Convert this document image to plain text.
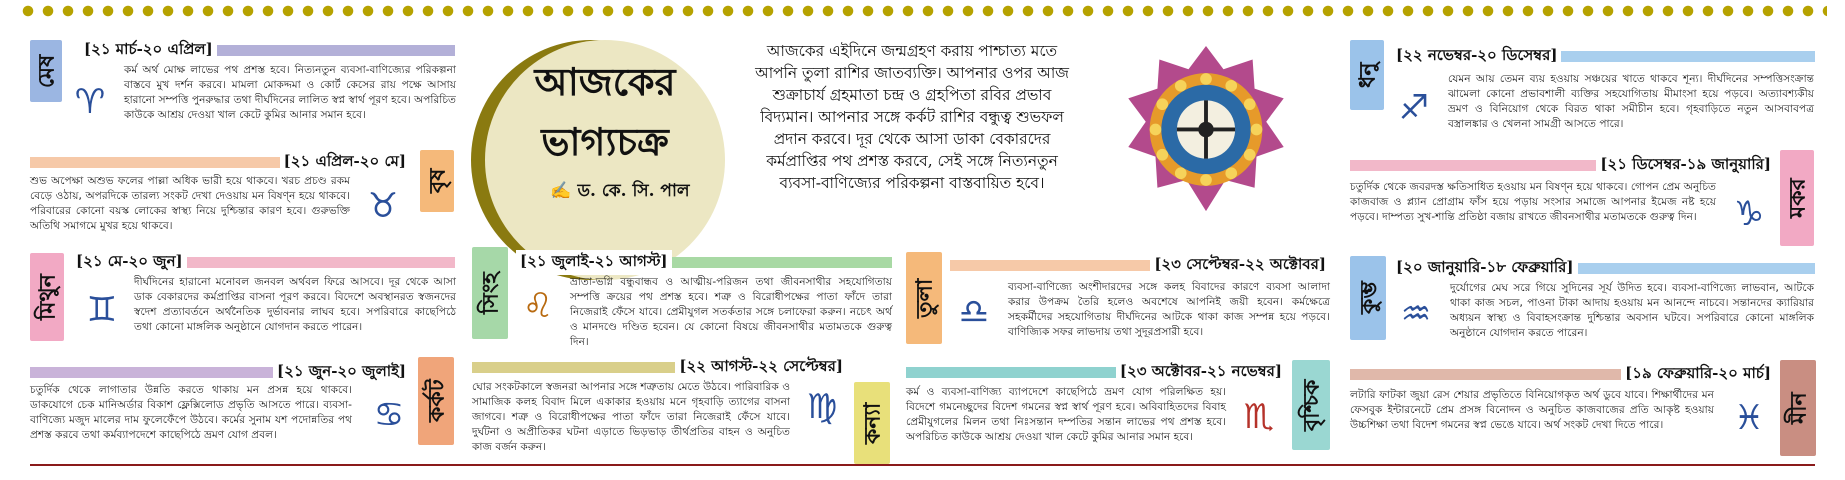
আজকের
ভাগ্যচক্র
✍ ড. কে. সি. পাল
আজকের এইদিনে জন্মগ্রহণ করায় পাশ্চাত্য মতে আপনি তুলা রাশির জাতব্যক্তি। আপনার ওপর আজ শুক্রাচার্য গ্রহমাতা চন্দ্র ও গ্রহপিতা রবির প্রভাব বিদ্যমান। আপনার সঙ্গে কর্কট রাশির বন্ধুত্ব শুভফল প্রদান করবে। দূর থেকে আসা ডাকা বেকারদের কর্মপ্রাপ্তির পথ প্রশস্ত করবে, সেই সঙ্গে নিত্যনতুন ব্যবসা-বাণিজ্যের পরিকল্পনা বাস্তবায়িত হবে।
মেষ
[২১ মার্চ-২০ এপ্রিল]
♈
কর্ম অর্থ মোক্ষ লাভের পথ প্রশস্ত হবে। নিত্যনতুন ব্যবসা-বাণিজ্যের পরিকল্পনা বাস্তবে মুখ দর্শন করবে। মামলা মোকদ্দমা ও কোর্ট কেসের রায় পক্ষে আসায় হারানো সম্পত্তি পুনরুদ্ধার তথা দীর্ঘদিনের লালিত স্বপ্ন স্বার্থ পূরণ হবে। অপরিচিত কাউকে আশ্রয় দেওয়া খাল কেটে কুমির আনার সমান হবে।
[২১ এপ্রিল-২০ মে]
বৃষ
শুভ অপেক্ষা অশুভ ফলের পাল্লা অধিক ভারী হয়ে থাকবে। খরচ প্রচণ্ড রকম বেড়ে ওঠায়, অপরদিকে তারল্য সংকট দেখা দেওয়ায় মন বিষণ্ন হয়ে থাকবে। পরিবারের কোনো বয়স্ক লোকের স্বাস্থ্য নিয়ে দুশ্চিন্তার কারণ হবে। গুরুভক্তি অতিথি সমাগমে মুখর হয়ে থাকবে।	♉
মিথুন
[২১ মে-২০ জুন]
♊
দীর্ঘদিনের হারানো মনোবল জনবল অর্থবল ফিরে আসবে। দূর থেকে আসা ডাক বেকারদের কর্মপ্রাপ্তির বাসনা পূরণ করবে। বিদেশে অবস্থানরত স্বজনদের স্বদেশ প্রত্যাবর্তনে অর্থনৈতিক দুর্ভাবনার লাঘব হবে। সপরিবারে কাছেপিঠে তথা কোনো মাঙ্গলিক অনুষ্ঠানে যোগদান করতে পারেন।
[২১ জুন-২০ জুলাই]
কর্কট
চতুর্দিক থেকে লাগাতার উন্নতি করতে থাকায় মন প্রসন্ন হয়ে থাকবে। ডাকযোগে চেক মানিঅর্ডার বিকাশ ফ্লেক্সিলোড প্রভৃতি আসতে পারে। ব্যবসা-বাণিজ্যে মজুদ মালের দাম ফুলেফেঁপে উঠবে। কর্মের সুনাম যশ পদোন্নতির পথ প্রশস্ত করবে তথা কর্মব্যাপদেশে কাছেপিঠে ভ্রমণ যোগ প্রবল।	♋
সিংহ
[২১ জুলাই-২১ আগস্ট]
♌
ভ্রাতা-ভগ্নি বন্ধুবান্ধব ও আত্মীয়-পরিজন তথা জীবনসাথীর সহযোগিতায় সম্পত্তি ক্রয়ের পথ প্রশস্ত হবে। শত্রু ও বিরোধীপক্ষের পাতা ফাঁদে তারা নিজেরাই ফেঁসে যাবে। প্রেমীযুগল সতর্কতার সঙ্গে চলাফেরা করুন। নচেৎ অর্থ ও মানদণ্ডে দণ্ডিত হবেন। যে কোনো বিষয়ে জীবনসাথীর মতামতকে গুরুত্ব দিন।
[২২ আগস্ট-২২ সেপ্টেম্বর]
কন্যা
ঘোর সংকটকালে স্বজনরা আপনার সঙ্গে শত্রুতায় মেতে উঠবে। পারিবারিক ও সামাজিক কলহ বিবাদ মিলে একাকার হওয়ায় মনে গৃহবাড়ি ত্যাগের বাসনা জাগবে। শত্রু ও বিরোধীপক্ষের পাতা ফাঁদে তারা নিজেরাই ফেঁসে যাবে। দুর্ঘটনা ও অপ্রীতিকর ঘটনা এড়াতে ভিড়ভাড় তীর্থপ্রতির বাহন ও অনুচিত কাজ বর্জন করুন।
♍
তুলা
[২৩ সেপ্টেম্বর-২২ অক্টোবর]
♎
ব্যবসা-বাণিজ্যে অংশীদারদের সঙ্গে কলহ বিবাদের কারণে ব্যবসা আলাদা করার উপক্রম তৈরি হলেও অবশেষে আপনিই জয়ী হবেন। কর্মক্ষেত্রে সহকর্মীদের সহযোগিতায় দীর্ঘদিনের আটকে থাকা কাজ সম্পন্ন হয়ে পড়বে। বাণিজ্যিক সফর লাভদায় তথা সুদূরপ্রসারী হবে।
[২৩ অক্টোবর-২১ নভেম্বর]
বৃশ্চিক
কর্ম ও ব্যবসা-বাণিজ্য ব্যাপদেশে কাছেপিঠে ভ্রমণ যোগ পরিলক্ষিত হয়। বিদেশে গমনেচ্ছুদের বিদেশ গমনের স্বপ্ন স্বার্থ পূরণ হবে। অবিবাহিতদের বিবাহ প্রেমীযুগলের মিলন তথা নিঃসন্তান দম্পতির সন্তান লাভের পথ প্রশস্ত হবে। অপরিচিত কাউকে আশ্রয় দেওয়া খাল কেটে কুমির আনার সমান হবে।	♏
ধনু
[২২ নভেম্বর-২০ ডিসেম্বর]
♐
যেমন আয় তেমন ব্যয় হওয়ায় সঞ্চয়ের খাতে থাকবে শূন্য। দীর্ঘদিনের সম্পত্তিসংক্রান্ত ঝামেলা কোনো প্রভাবশালী ব্যক্তির সহযোগিতায় মীমাংসা হয়ে পড়বে। অত্যাবশ্যকীয় ভ্রমণ ও বিনিয়োগ থেকে বিরত থাকা সমীচীন হবে। গৃহবাড়িতে নতুন আসবাবপত্র বস্ত্রালঙ্কার ও খেলনা সামগ্রী আসতে পারে।
[২১ ডিসেম্বর-১৯ জানুয়ারি]
মকর
চতুর্দিক থেকে জবরদস্ত ক্ষতিসাধিত হওয়ায় মন বিষণ্ন হয়ে থাকবে। গোপন প্রেম অনুচিত কাজবাজ ও প্ল্যান প্রোগ্রাম ফাঁস হয়ে পড়ায় সংসার সমাজে আপনার ইমেজ নষ্ট হয়ে পড়বে। দাম্পত্য সুখ-শান্তি প্রতিষ্ঠা বজায় রাখতে জীবনসাথীর মতামতকে গুরুত্ব দিন।	♑
কুম্ভ
[২০ জানুয়ারি-১৮ ফেব্রুয়ারি]
♒
দুর্যোগের মেঘ সরে গিয়ে সুদিনের সূর্য উদিত হবে। ব্যবসা-বাণিজ্যে লাভবান, আটকে থাকা কাজ সচল, পাওনা টাকা আদায় হওয়ায় মন আনন্দে নাচবে। সন্তানদের ক্যারিয়ার অধ্যয়ন স্বাস্থ্য ও বিবাহসংক্রান্ত দুশ্চিন্তার অবসান ঘটবে। সপরিবারে কোনো মাঙ্গলিক অনুষ্ঠানে যোগদান করতে পারেন।
[১৯ ফেব্রুয়ারি-২০ মার্চ]
মীন
লটারি ফাটকা জুয়া রেস শেয়ার প্রভৃতিতে বিনিয়োগকৃত অর্থ ডুবে যাবে। শিক্ষার্থীদের মন ফেসবুক ইন্টারনেটে প্রেম প্রসঙ্গ বিনোদন ও অনুচিত কাজবাজের প্রতি আকৃষ্ট হওয়ায় উচ্চশিক্ষা তথা বিদেশ গমনের স্বপ্ন ভেঙে যাবে। অর্থ সংকট দেখা দিতে পারে।	♓
